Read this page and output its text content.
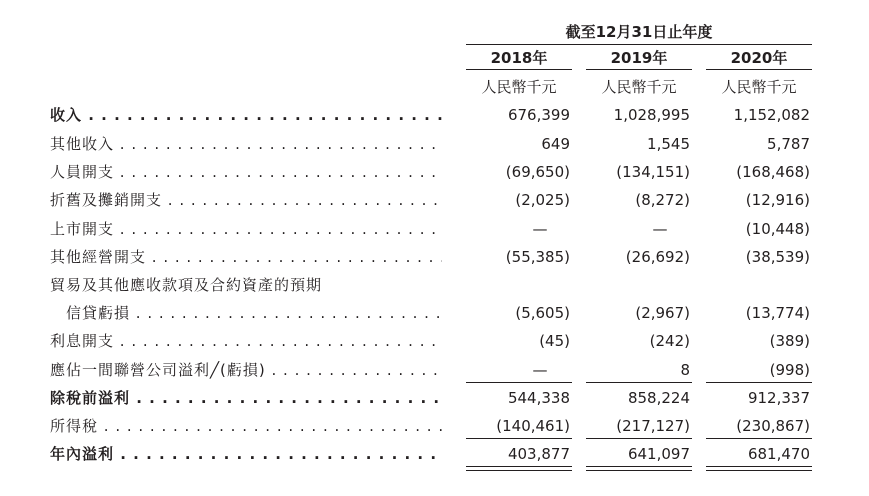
截至12月31日止年度
2018年	2019年	2020年
人民幣千元	人民幣千元	人民幣千元
收入 . . .	676,399	1,028,995	1,152,082
其他收入 . . .	649	1,545	5,787
人員開支 . . .	(69,650)	(134,151)	(168,468)
折舊及攤銷開支 . . .	(2,025)	(8,272)	(12,916)
上市開支 . . .	—	—	(10,448)
其他經營開支 . . .	(55,385)	(26,692)	(38,539)
貿易及其他應收款項及合約資產的預期
信貸虧損 . . .	(5,605)	(2,967)	(13,774)
利息開支 . . .	(45)	(242)	(389)
應佔一間聯營公司溢利╱(虧損) . . .	—	8	(998)
除稅前溢利 . . .	544,338	858,224	912,337
所得稅 . . .	(140,461)	(217,127)	(230,867)
年內溢利 . . .	403,877	641,097	681,470
